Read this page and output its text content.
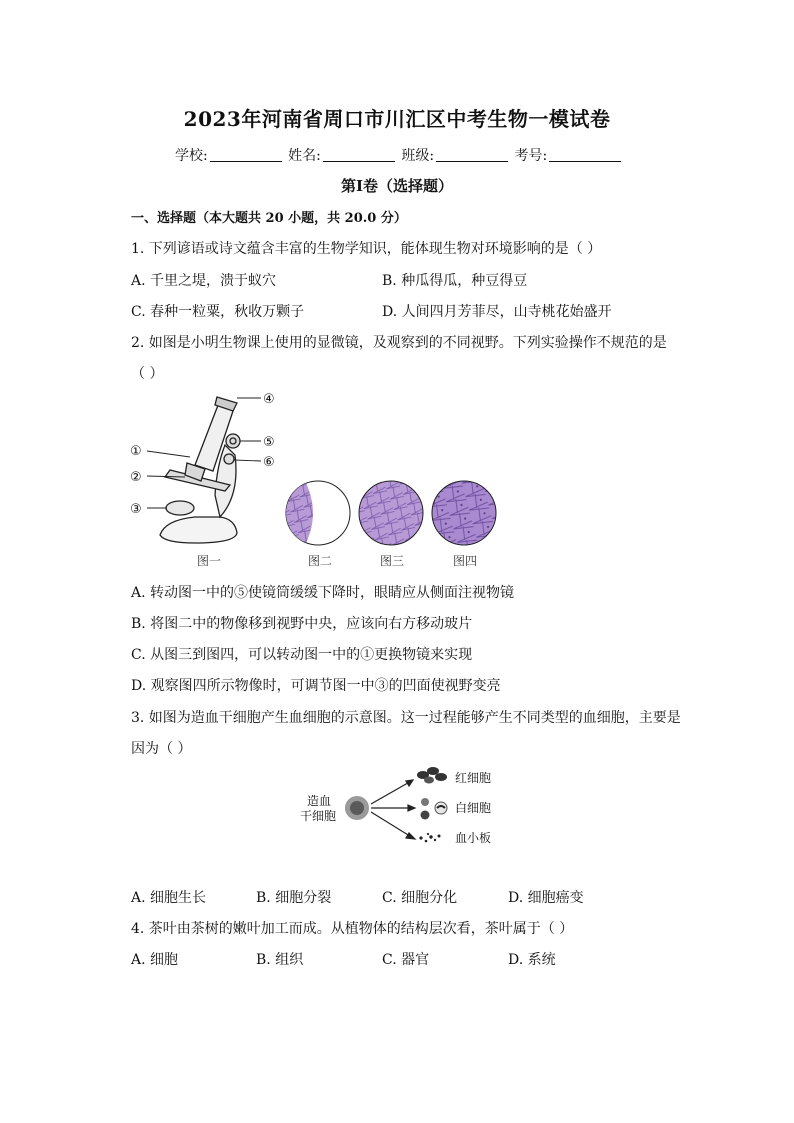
2023年河南省周口市川汇区中考生物一模试卷
学校:	姓名:	班级:	考号:
第I卷（选择题）
一、选择题（本大题共 20 小题，共 20.0 分）
1. 下列谚语或诗文蕴含丰富的生物学知识，能体现生物对环境影响的是（ ）
A. 千里之堤，溃于蚁穴	B. 种瓜得瓜，种豆得豆
C. 春种一粒粟，秋收万颗子	D. 人间四月芳菲尽，山寺桃花始盛开
2. 如图是小明生物课上使用的显微镜，及观察到的不同视野。下列实验操作不规范的是
（ ）
①
②
③
④
⑤
⑥
图一	图二	图三	图四
A. 转动图一中的⑤使镜筒缓缓下降时，眼睛应从侧面注视物镜
B. 将图二中的物像移到视野中央，应该向右方移动玻片
C. 从图三到图四，可以转动图一中的①更换物镜来实现
D. 观察图四所示物像时，可调节图一中③的凹面使视野变亮
3. 如图为造血干细胞产生血细胞的示意图。这一过程能够产生不同类型的血细胞，主要是
因为（ ）
造血
干细胞
红细胞
白细胞
血小板
A. 细胞生长	B. 细胞分裂	C. 细胞分化	D. 细胞癌变
4. 茶叶由茶树的嫩叶加工而成。从植物体的结构层次看，茶叶属于（ ）
A. 细胞	B. 组织	C. 器官	D. 系统
